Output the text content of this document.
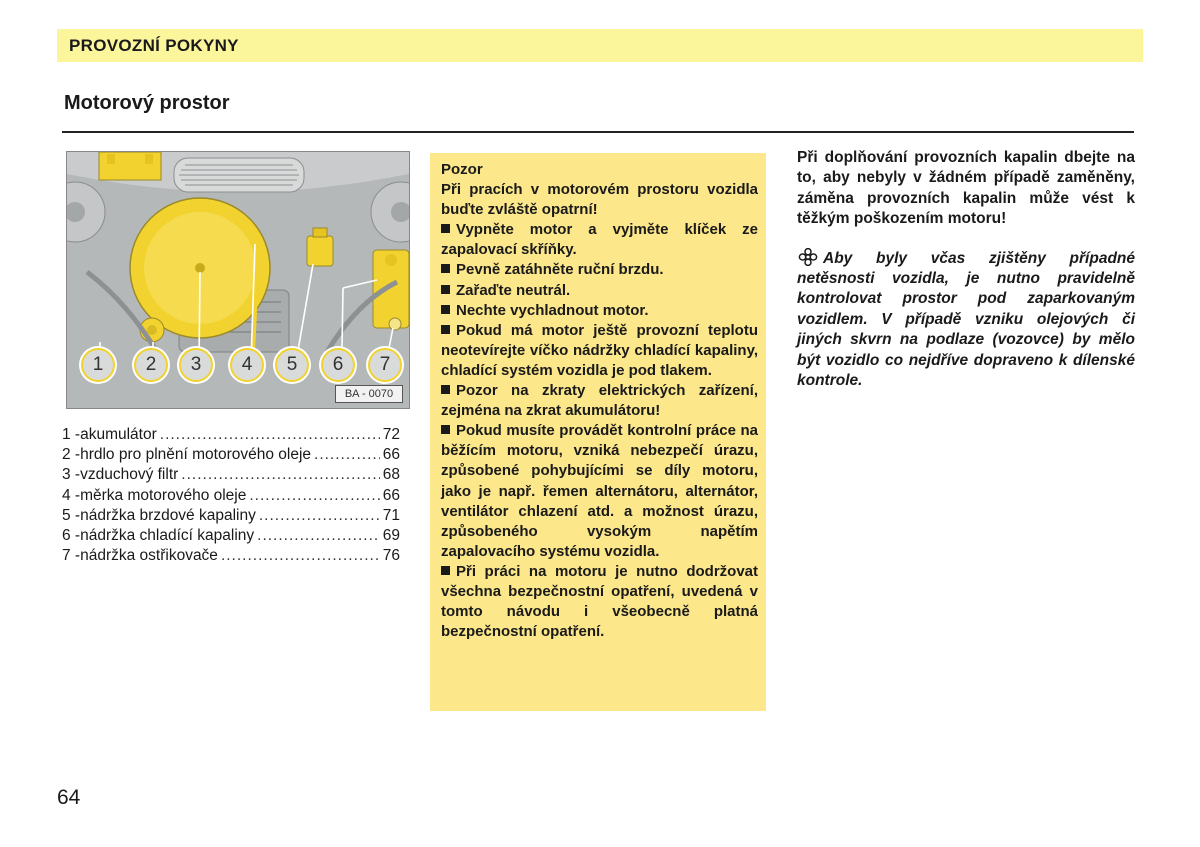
PROVOZNÍ POKYNY
Motorový prostor
1	2	3	4	5	6	7
BA - 0070
1 -akumulátor .....	72
2 -hrdlo pro plnění motorového oleje .....	66
3 -vzduchový filtr .....	68
4 -měrka motorového oleje .....	66
5 -nádržka brzdové kapaliny .....	71
6 -nádržka chladící kapaliny .....	69
7 -nádržka ostřikovače .....	76
Pozor

Při pracích v motorovém prostoru vozidla buďte zvláště opatrní!

Vypněte motor a vyjměte klíček ze zapalovací skříňky.

Pevně zatáhněte ruční brzdu.

Zařaďte neutrál.

Nechte vychladnout motor.

Pokud má motor ještě provozní teplotu neotevírejte víčko nádržky chladící kapaliny, chladící systém vozidla je pod tlakem.

Pozor na zkraty elektrických zařízení, zejména na zkrat akumulátoru!

Pokud musíte provádět kontrolní práce na běžícím motoru, vzniká nebezpečí úrazu, způsobené pohybujícími se díly motoru, jako je např. řemen alternátoru, alternátor, ventilátor chlazení atd. a možnost úrazu, způsobeného vysokým napětím zapalovacího systému vozidla.

Při práci na motoru je nutno dodržovat všechna bezpečnostní opatření, uvedená v tomto návodu i všeobecně platná bezpečnostní opatření.

Při doplňování provozních kapalin dbejte na to, aby nebyly v žádném případě zaměněny, záměna provozních kapalin může vést k těžkým poškozením motoru!

Aby byly včas zjištěny případné netěsnosti vozidla, je nutno pravidelně kontrolovat prostor pod zaparkovaným vozidlem. V případě vzniku olejových či jiných skvrn na podlaze (vozovce) by mělo být vozidlo co nejdříve dopraveno k dílenské kontrole.

64
